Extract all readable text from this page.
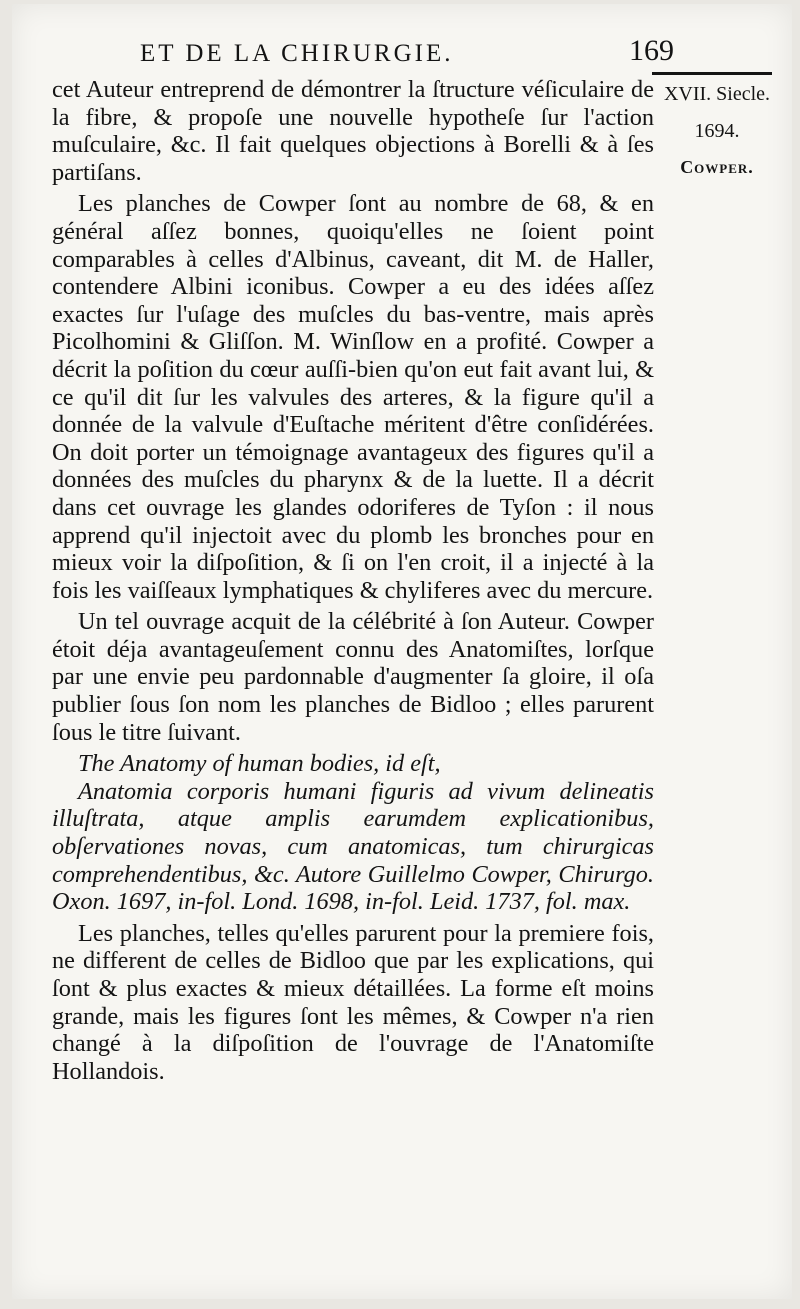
ET DE LA CHIRURGIE.	169
XVII. Siecle.
1694.
Cowper.

cet Auteur entreprend de démontrer la ſtructure véſiculaire de la fibre, & propoſe une nouvelle hypotheſe ſur l'action muſculaire, &c. Il fait quelques objections à Borelli & à ſes partiſans.

Les planches de Cowper ſont au nombre de 68, & en général aſſez bonnes, quoiqu'elles ne ſoient point comparables à celles d'Albinus, caveant, dit M. de Haller, contendere Albini iconibus. Cowper a eu des idées aſſez exactes ſur l'uſage des muſcles du bas-ventre, mais après Picolhomini & Gliſſon. M. Winſlow en a profité. Cowper a décrit la poſition du cœur auſſi-bien qu'on eut fait avant lui, & ce qu'il dit ſur les valvules des arteres, & la figure qu'il a donnée de la valvule d'Euſtache méritent d'être conſidérées. On doit porter un témoignage avantageux des figures qu'il a données des muſcles du pharynx & de la luette. Il a décrit dans cet ouvrage les glandes odoriferes de Tyſon : il nous apprend qu'il injectoit avec du plomb les bronches pour en mieux voir la diſpoſition, & ſi on l'en croit, il a injecté à la fois les vaiſſeaux lymphatiques & chyliferes avec du mercure.

Un tel ouvrage acquit de la célébrité à ſon Auteur. Cowper étoit déja avantageuſement connu des Anatomiſtes, lorſque par une envie peu pardonnable d'augmenter ſa gloire, il oſa publier ſous ſon nom les planches de Bidloo ; elles parurent ſous le titre ſuivant.

The Anatomy of human bodies, id eſt,

Anatomia corporis humani figuris ad vivum delineatis illuſtrata, atque amplis earumdem explicationibus, obſervationes novas, cum anatomicas, tum chirurgicas comprehendentibus, &c. Autore Guillelmo Cowper, Chirurgo. Oxon. 1697, in-fol. Lond. 1698, in-fol. Leid. 1737, fol. max.

Les planches, telles qu'elles parurent pour la premiere fois, ne different de celles de Bidloo que par les explications, qui ſont & plus exactes & mieux détaillées. La forme eſt moins grande, mais les figures ſont les mêmes, & Cowper n'a rien changé à la diſpoſition de l'ouvrage de l'Anatomiſte Hollandois.
